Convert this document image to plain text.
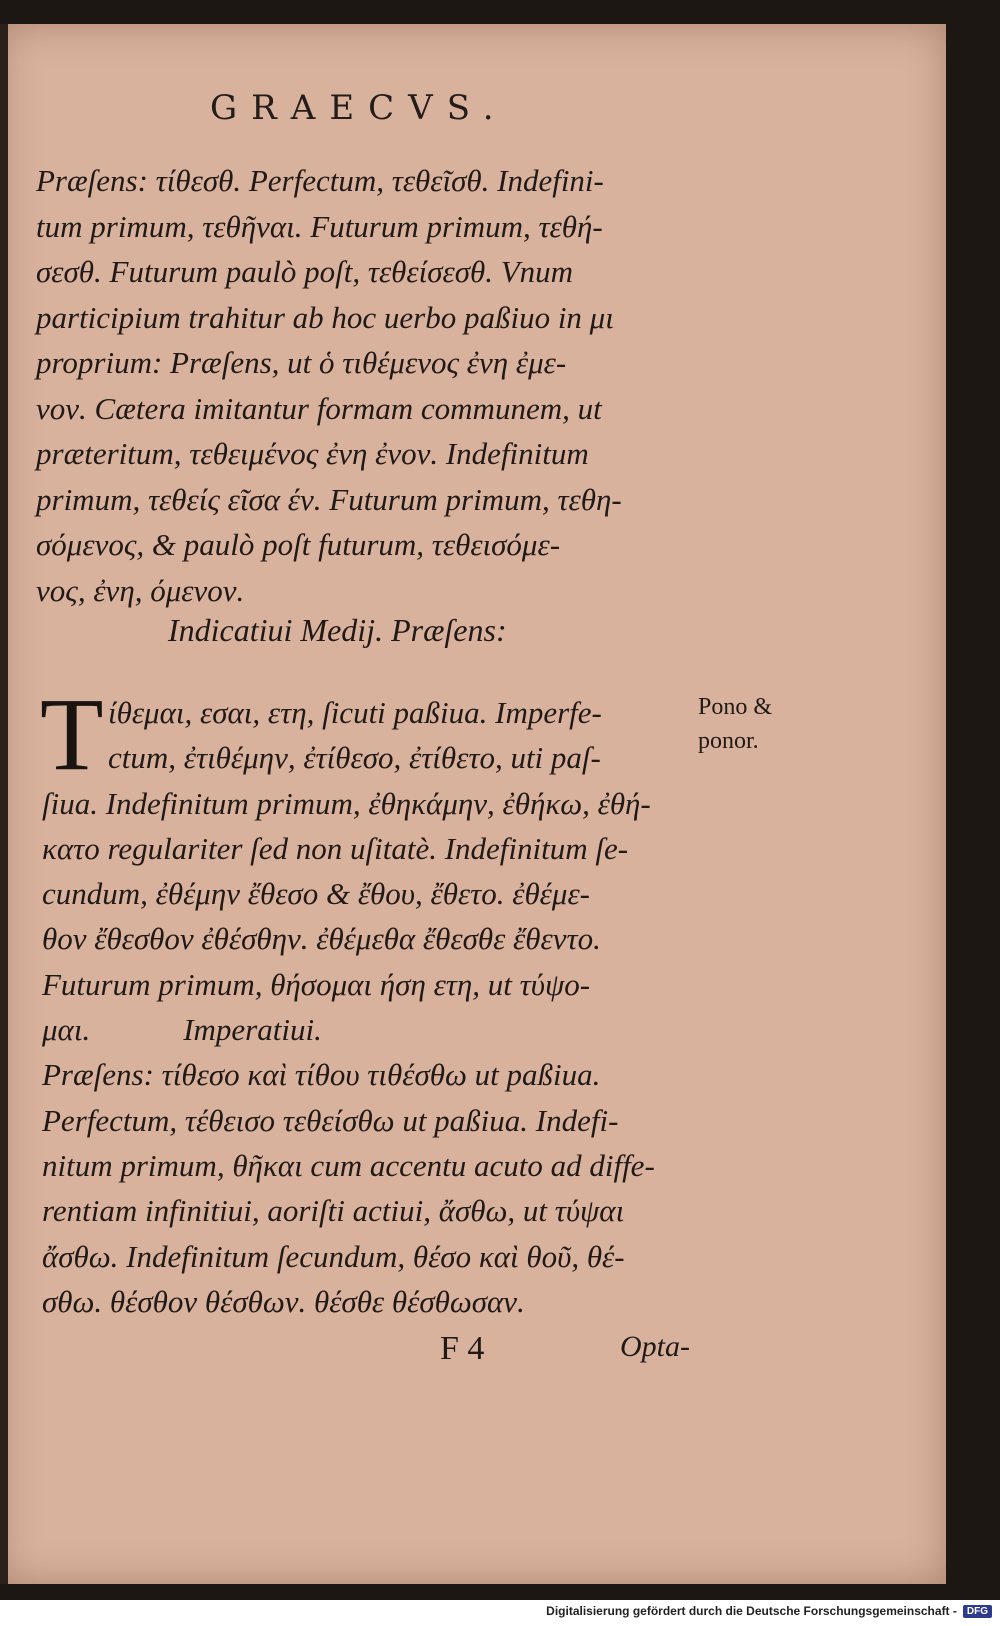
GRAECVS.
Præſens: τίθεσθ. Perfectum, τεθεῖσθ. Indefini-
tum primum, τεθῆναι. Futurum primum, τεθή-
σεσθ. Futurum paulò poſt, τεθείσεσθ. Vnum
participium trahitur ab hoc uerbo paßiuo in μι
proprium: Præſens, ut ὁ τιθέμενος ἐνη ἐμε-
νον. Cætera imitantur formam communem, ut
præteritum, τεθειμένος ἐνη ἐνον. Indefinitum
primum, τεθείς εῖσα έν. Futurum primum, τεθη-
σόμενος, & paulò poſt futurum, τεθεισόμε-
νος, ἐνη, όμενον.
Indicatiui Medij. Præſens:
T ίθεμαι, εσαι, ετη, ſicuti paßiua. Imperfe-
ctum, ἐτιθέμην, ἐτίθεσο, ἐτίθετο, uti paſ-
ſiua. Indefinitum primum, ἐθηκάμην, ἐθήκω, ἐθή-
κατο regulariter ſed non uſitatè. Indefinitum ſe-
cundum, ἐθέμην ἔθεσο & ἔθου, ἔθετο. ἐθέμε-
θον ἔθεσθον ἐθέσθην. ἐθέμεθα ἔθεσθε ἔθεντο.
Futurum primum, θήσομαι ήση ετη, ut τύψο-
μαι.            Imperatiui.
Præſens: τίθεσο καὶ τίθου τιθέσθω ut paßiua.
Perfectum, τέθεισο τεθείσθω ut paßiua. Indefi-
nitum primum, θῆκαι cum accentu acuto ad diffe-
rentiam infinitiui, aoriſti actiui, ἄσθω, ut τύψαι
ἄσθω. Indefinitum ſecundum, θέσο καὶ θοῦ, θέ-
σθω. θέσθον θέσθων. θέσθε θέσθωσαν.
Pono &
ponor.
F 4	Opta-
Digitalisierung gefördert durch die Deutsche Forschungsgemeinschaft -	DFG
